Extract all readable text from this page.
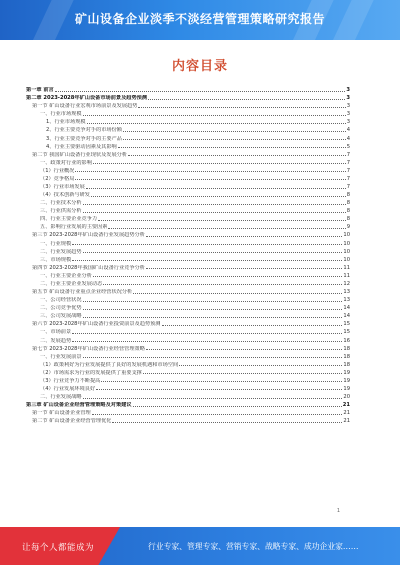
矿山设备企业淡季不淡经营管理策略研究报告
内容目录
第一章 前言	3
第二章 2023-2028年矿山设备市场前景及趋势预测	3
第一节 矿山设备行业宏观市场前景及发展趋势	3
一、行业市场规模	3
1、行业市场规模	3
2、行业主要竞争对手的市场份额	4
3、行业主要竞争对手的主要产品	4
4、行业主要驱动因素及其影响	5
第二节 我国矿山设备行业现状及发展分析	7
一、政策对行业的影响	7
（1）行业概况	7
（2）竞争格局	7
（3）行业市场发展	7
（4）技术创新与研发	8
二、行业技术分析	8
三、行业供需分析	8
四、行业主要企业竞争力	8
五、影响行业发展的主要因素	9
第三节 2023-2028年矿山设备行业发展趋势分析	10
一、行业规模	10
二、行业发展趋势	10
三、市场规模	10
第四节 2023-2028年我国矿山设备行业竞争分析	11
一、行业主要企业分析	11
二、行业主要企业发展动态	12
第五节 矿山设备行业重点企业经营状况分析	13
一、公司经营状况	13
二、公司竞争优势	14
三、公司发展战略	14
第六节 2023-2028年矿山设备行业投资前景及趋势预测	15
一、市场前景	15
二、发展趋势	16
第七节 2023-2028年矿山设备行业经营管理策略	18
一、行业发展前景	18
（1）政策利好为行业发展提供了良好的发展机遇和市场空间	18
（2）市场需求为行业的发展提供了重要支撑	19
（3）行业竞争力不断提高	19
（4）行业发展环境良好	19
二、行业发展战略	20
第三章 矿山设备企业经营管理策略及对策建议	21
第一节 矿山设备企业管理	21
第二节 矿山设备企业经营管理优化	21
1
让每个人都能成为	行业专家、管理专家、营销专家、战略专家、成功企业家……
